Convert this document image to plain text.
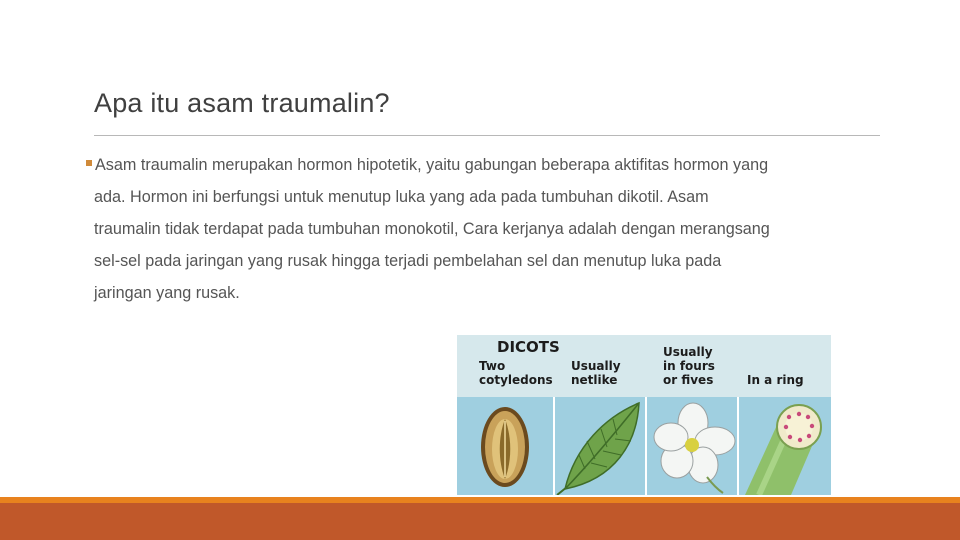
Apa itu asam traumalin?
Asam traumalin merupakan hormon hipotetik, yaitu gabungan beberapa aktifitas hormon yang
ada. Hormon ini berfungsi untuk menutup luka yang ada pada tumbuhan dikotil. Asam
traumalin tidak terdapat pada tumbuhan monokotil, Cara kerjanya adalah dengan merangsang
sel-sel pada jaringan yang rusak hingga terjadi pembelahan sel dan menutup luka pada
jaringan yang rusak.
DICOTS
Two
cotyledons
Usually
netlike
Usually
in fours
or fives	In a ring
